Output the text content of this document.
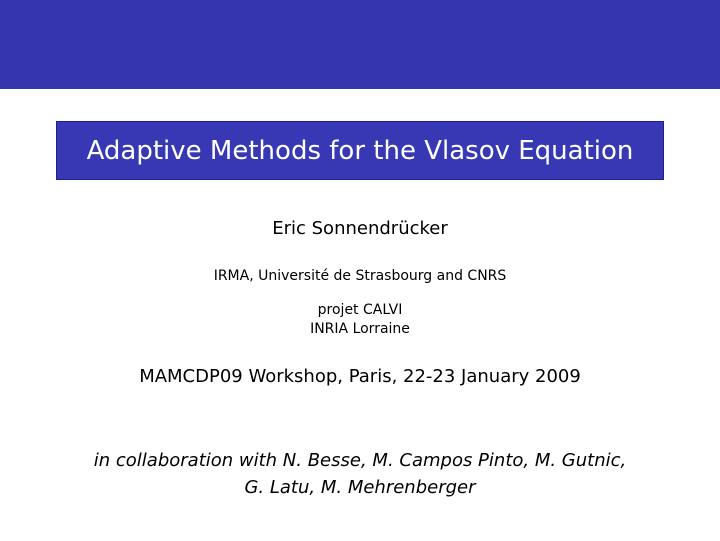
Adaptive Methods for the Vlasov Equation
Eric Sonnendrücker
IRMA, Université de Strasbourg and CNRS
projet CALVI
INRIA Lorraine
MAMCDP09 Workshop, Paris, 22-23 January 2009
in collaboration with N. Besse, M. Campos Pinto, M. Gutnic,
G. Latu, M. Mehrenberger
